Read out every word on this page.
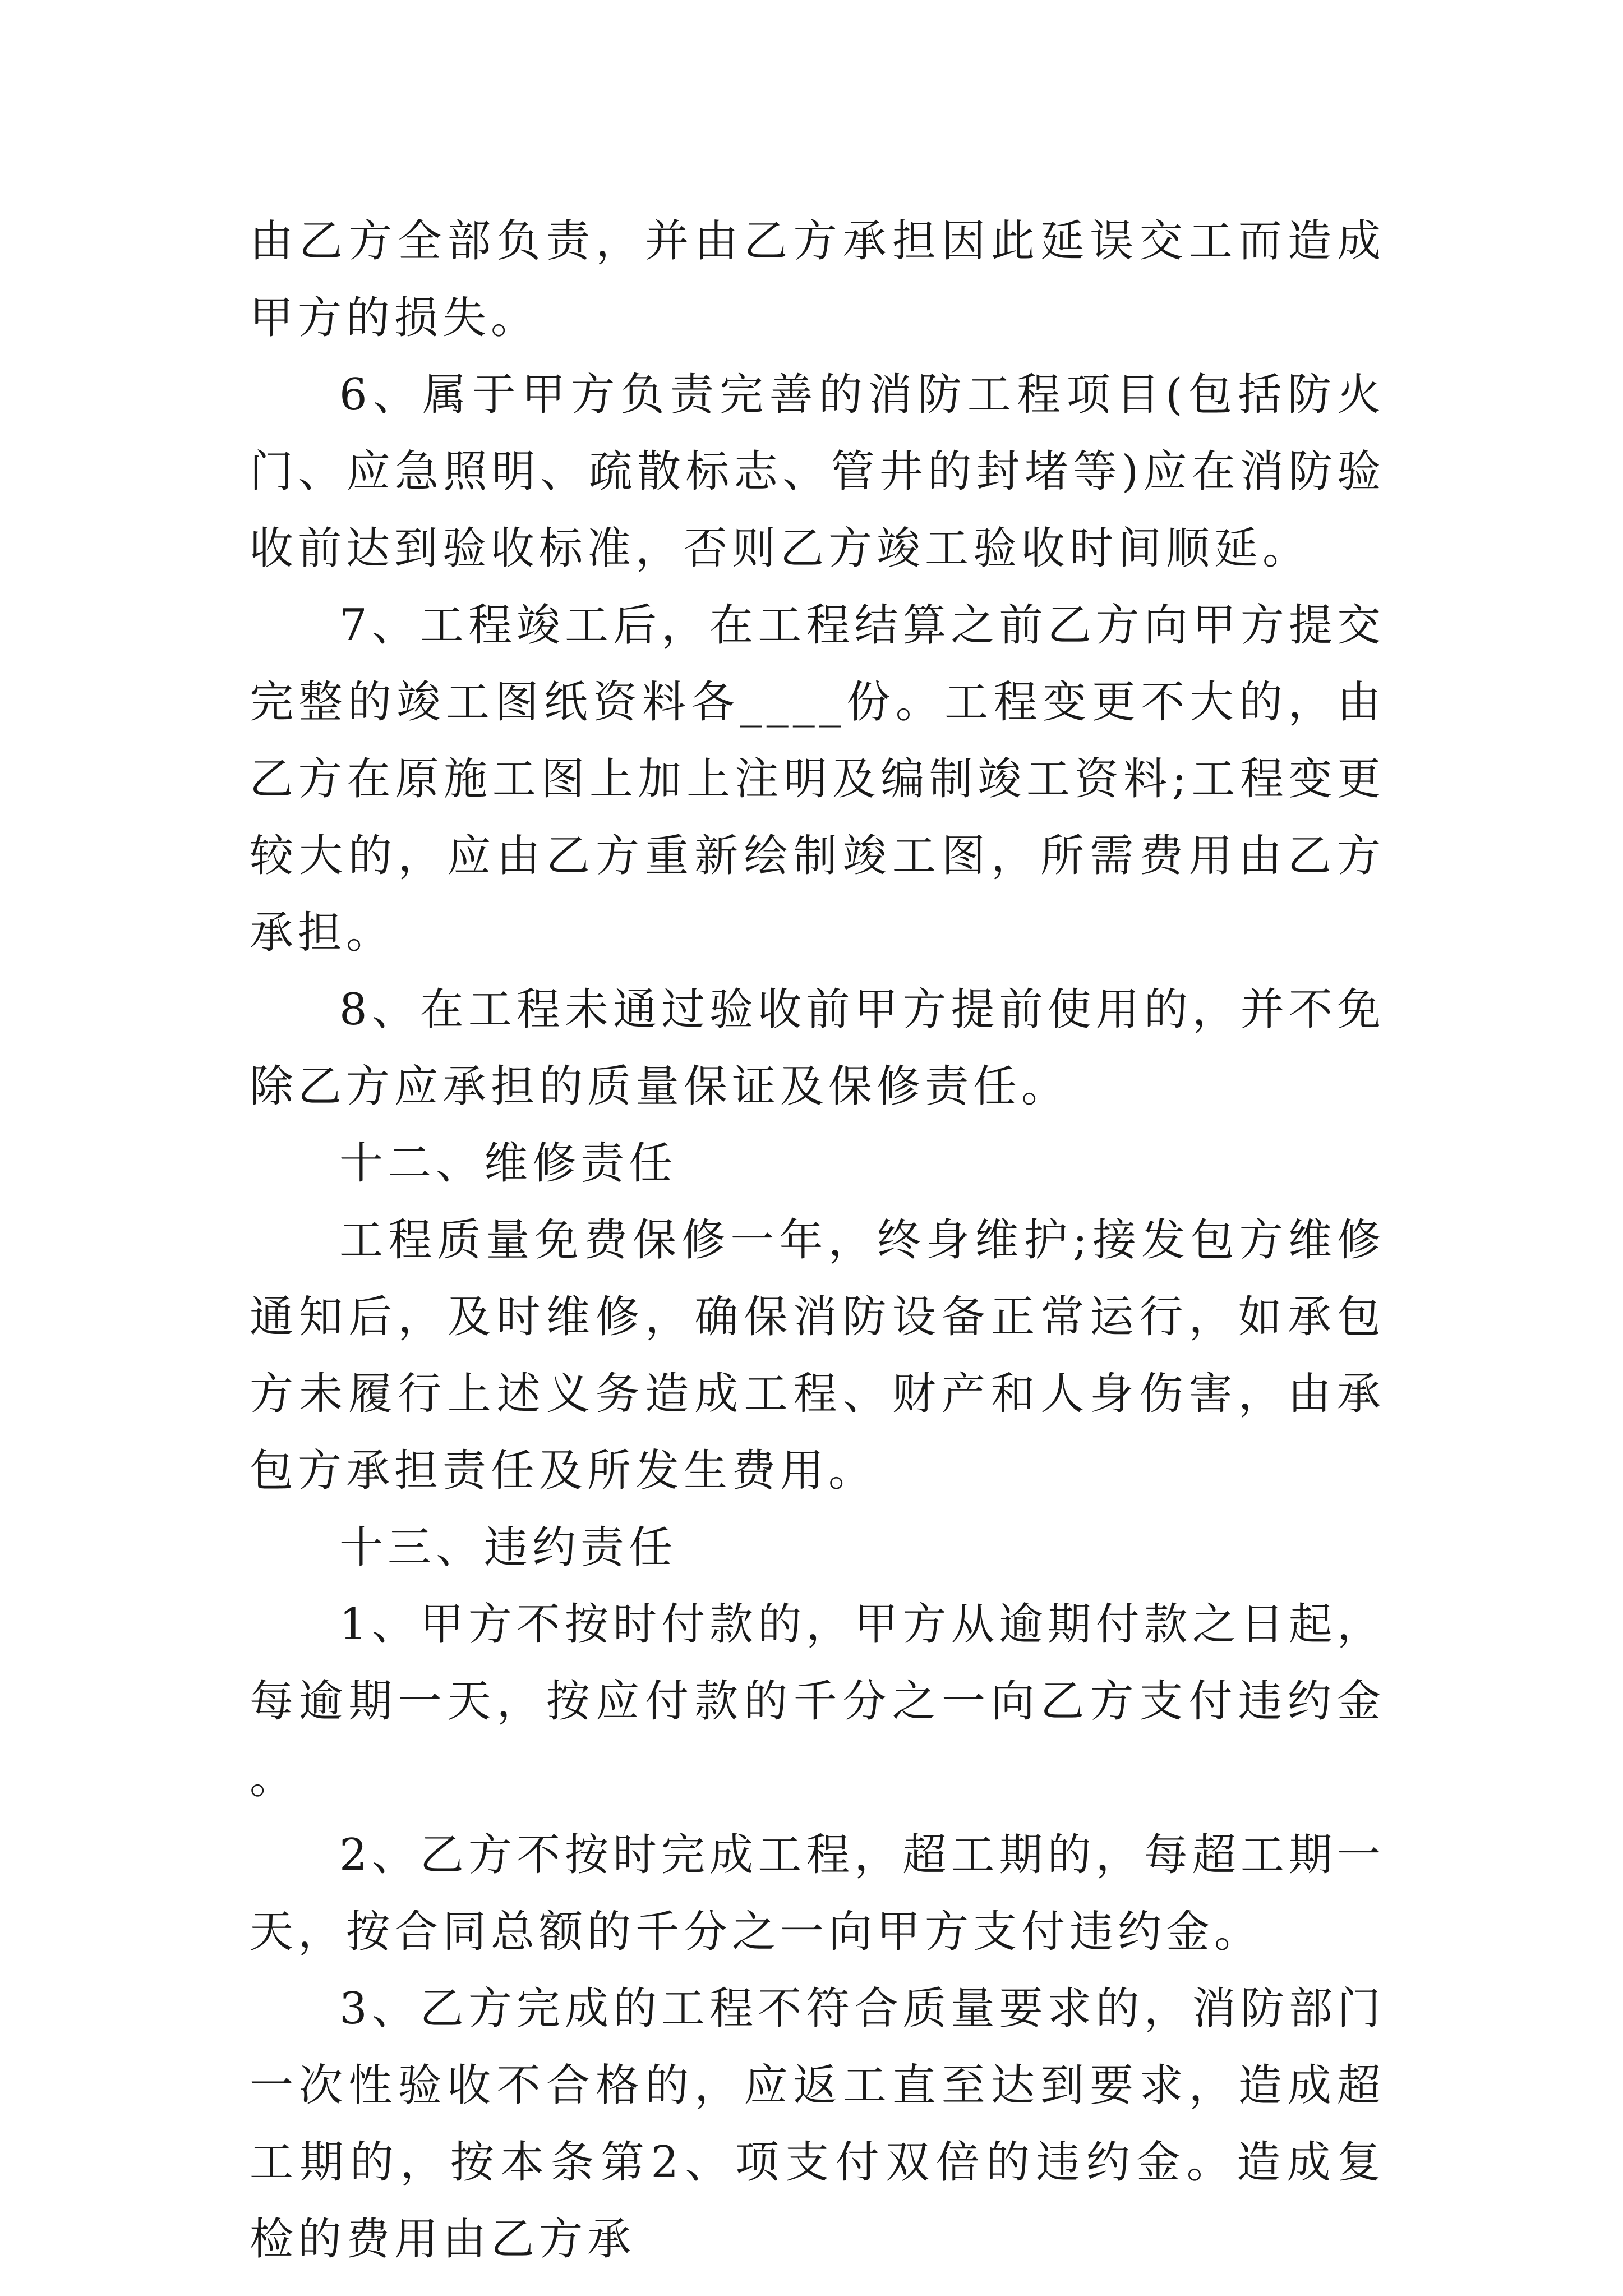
由乙方全部负责，并由乙方承担因此延误交工而造成甲方的损失。

6、属于甲方负责完善的消防工程项目(包括防火门、应急照明、疏散标志、管井的封堵等)应在消防验收前达到验收标准，否则乙方竣工验收时间顺延。

7、工程竣工后，在工程结算之前乙方向甲方提交完整的竣工图纸资料各____份。工程变更不大的，由乙方在原施工图上加上注明及编制竣工资料;工程变更较大的，应由乙方重新绘制竣工图，所需费用由乙方承担。

8、在工程未通过验收前甲方提前使用的，并不免除乙方应承担的质量保证及保修责任。

十二、维修责任

工程质量免费保修一年，终身维护;接发包方维修通知后，及时维修，确保消防设备正常运行，如承包方未履行上述义务造成工程、财产和人身伤害，由承包方承担责任及所发生费用。

十三、违约责任

1、甲方不按时付款的，甲方从逾期付款之日起，每逾期一天，按应付款的千分之一向乙方支付违约金。

2、乙方不按时完成工程，超工期的，每超工期一天，按合同总额的千分之一向甲方支付违约金。

3、乙方完成的工程不符合质量要求的，消防部门一次性验收不合格的，应返工直至达到要求，造成超工期的，按本条第2、项支付双倍的违约金。造成复检的费用由乙方承
